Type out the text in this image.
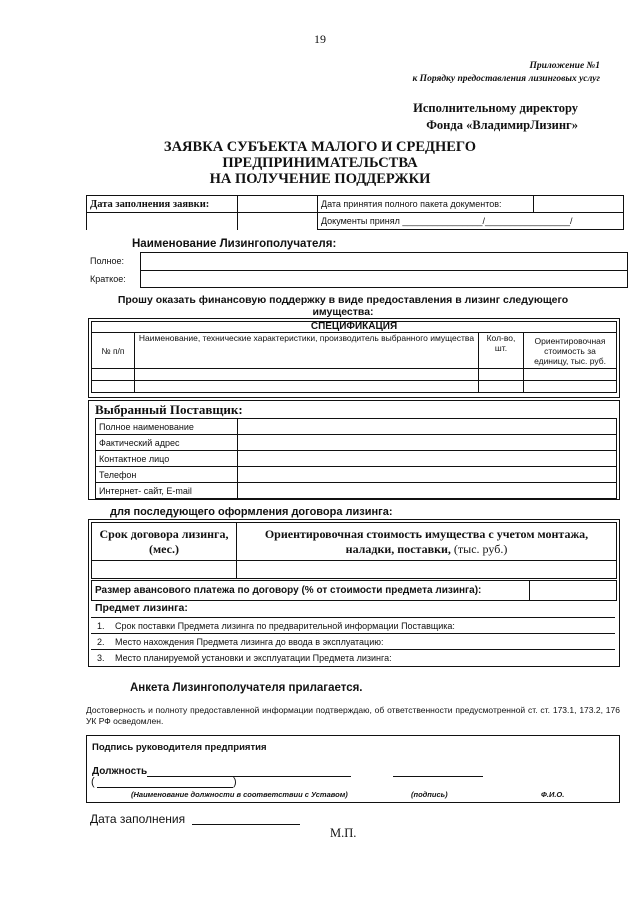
19
Приложение №1
к Порядку предоставления лизинговых услуг
Исполнительному директору
Фонда «ВладимирЛизинг»
ЗАЯВКА СУБЪЕКТА МАЛОГО И СРЕДНЕГО
ПРЕДПРИНИМАТЕЛЬСТВА
НА ПОЛУЧЕНИЕ ПОДДЕРЖКИ
Дата заполнения заявки:		Дата принятия полного пакета документов:	
		Документы принял ________________/_________________/	
Наименование Лизингополучателя:
Полное:
Краткое:
Прошу оказать финансовую поддержку в виде предоставления в лизинг следующего
имущества:
СПЕЦИФИКАЦИЯ			
№ п/п	Наименование, технические характеристики, производитель выбранного имущества	Кол-во, шт.	Ориентировочная стоимость за единицу, тыс. руб.

Выбранный Поставщик:
Полное наименование	
Фактический адрес	
Контактное лицо	
Телефон	
Интернет- сайт, E-mail	
для последующего оформления договора лизинга:
Срок договора лизинга, (мес.)	Ориентировочная стоимость имущества с учетом монтажа, наладки, поставки, (тыс. руб.)

Размер авансового платежа по договору (% от стоимости предмета лизинга):	
Предмет лизинга:
1.	Срок поставки Предмета лизинга по предварительной информации Поставщика:
2.	Место нахождения Предмета лизинга до ввода в эксплуатацию:
3.	Место планируемой установки и эксплуатации Предмета лизинга:
Анкета Лизингополучателя прилагается.
Достоверность и полноту предоставленной информации подтверждаю, об ответственности предусмотренной ст. ст. 173.1, 173.2, 176 УК РФ осведомлен.
Подпись руководителя предприятия
Должность
(	)
(Наименование должности в соответствии с Уставом)	(подпись)	Ф.И.О.
Дата заполнения
М.П.
